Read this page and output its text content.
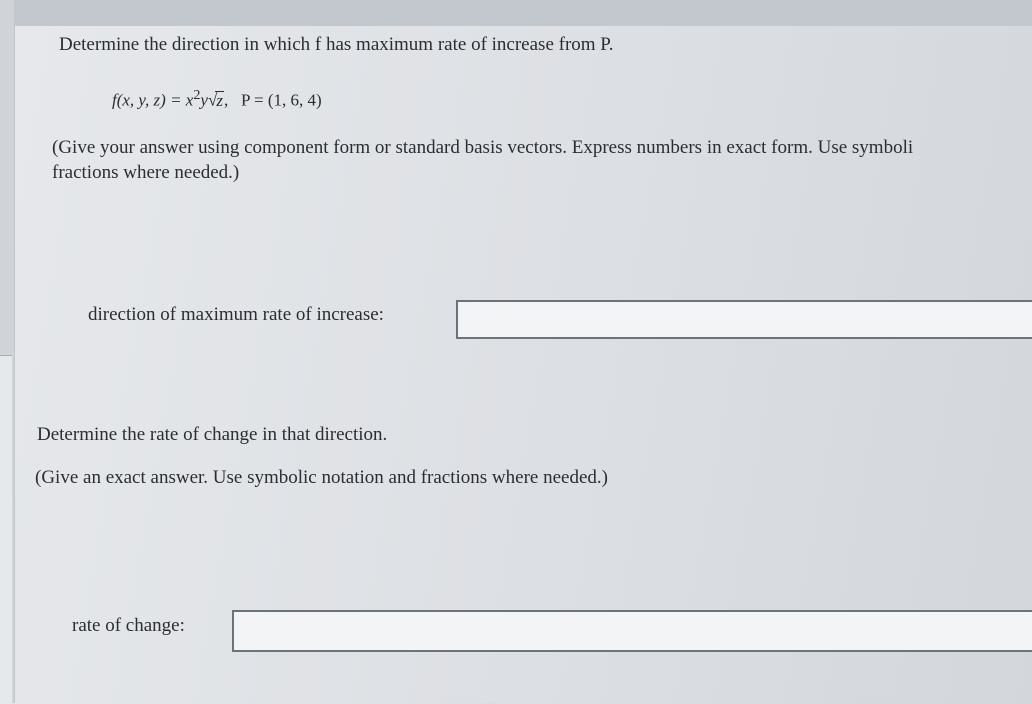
Determine the direction in which f has maximum rate of increase from P.
f(x, y, $z) = x^2y√z$, P = (1, 6, 4)
(Give your answer using component form or standard basis vectors. Express numbers in exact form. Use symboli
fractions where needed.)
direction of maximum rate of increase:
Determine the rate of change in that direction.
(Give an exact answer. Use symbolic notation and fractions where needed.)
rate of change:
